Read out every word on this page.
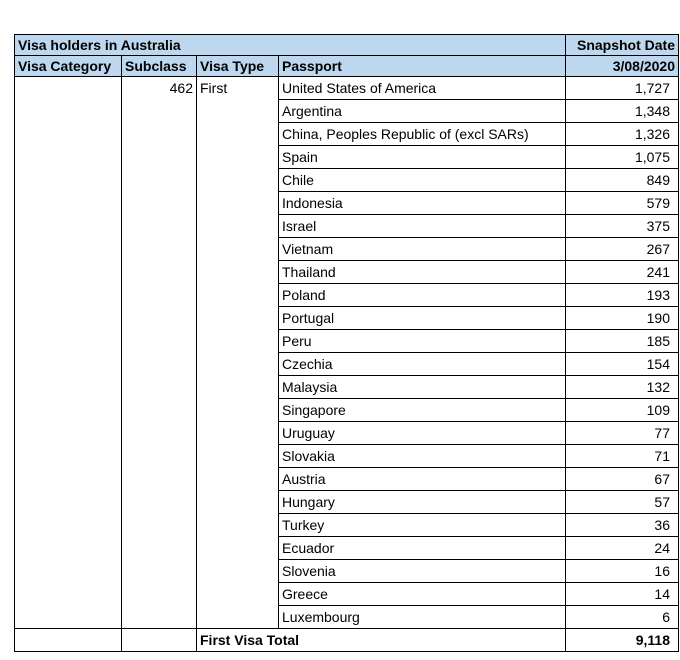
Visa holders in Australia				Snapshot Date
Visa Category	Subclass	Visa Type	Passport	3/08/2020
	462	First	United States of America	1,727
			Argentina	1,348
			China, Peoples Republic of (excl SARs)	1,326
			Spain	1,075
			Chile	849
			Indonesia	579
			Israel	375
			Vietnam	267
			Thailand	241
			Poland	193
			Portugal	190
			Peru	185
			Czechia	154
			Malaysia	132
			Singapore	109
			Uruguay	77
			Slovakia	71
			Austria	67
			Hungary	57
			Turkey	36
			Ecuador	24
			Slovenia	16
			Greece	14
			Luxembourg	6
		First Visa Total		9,118
